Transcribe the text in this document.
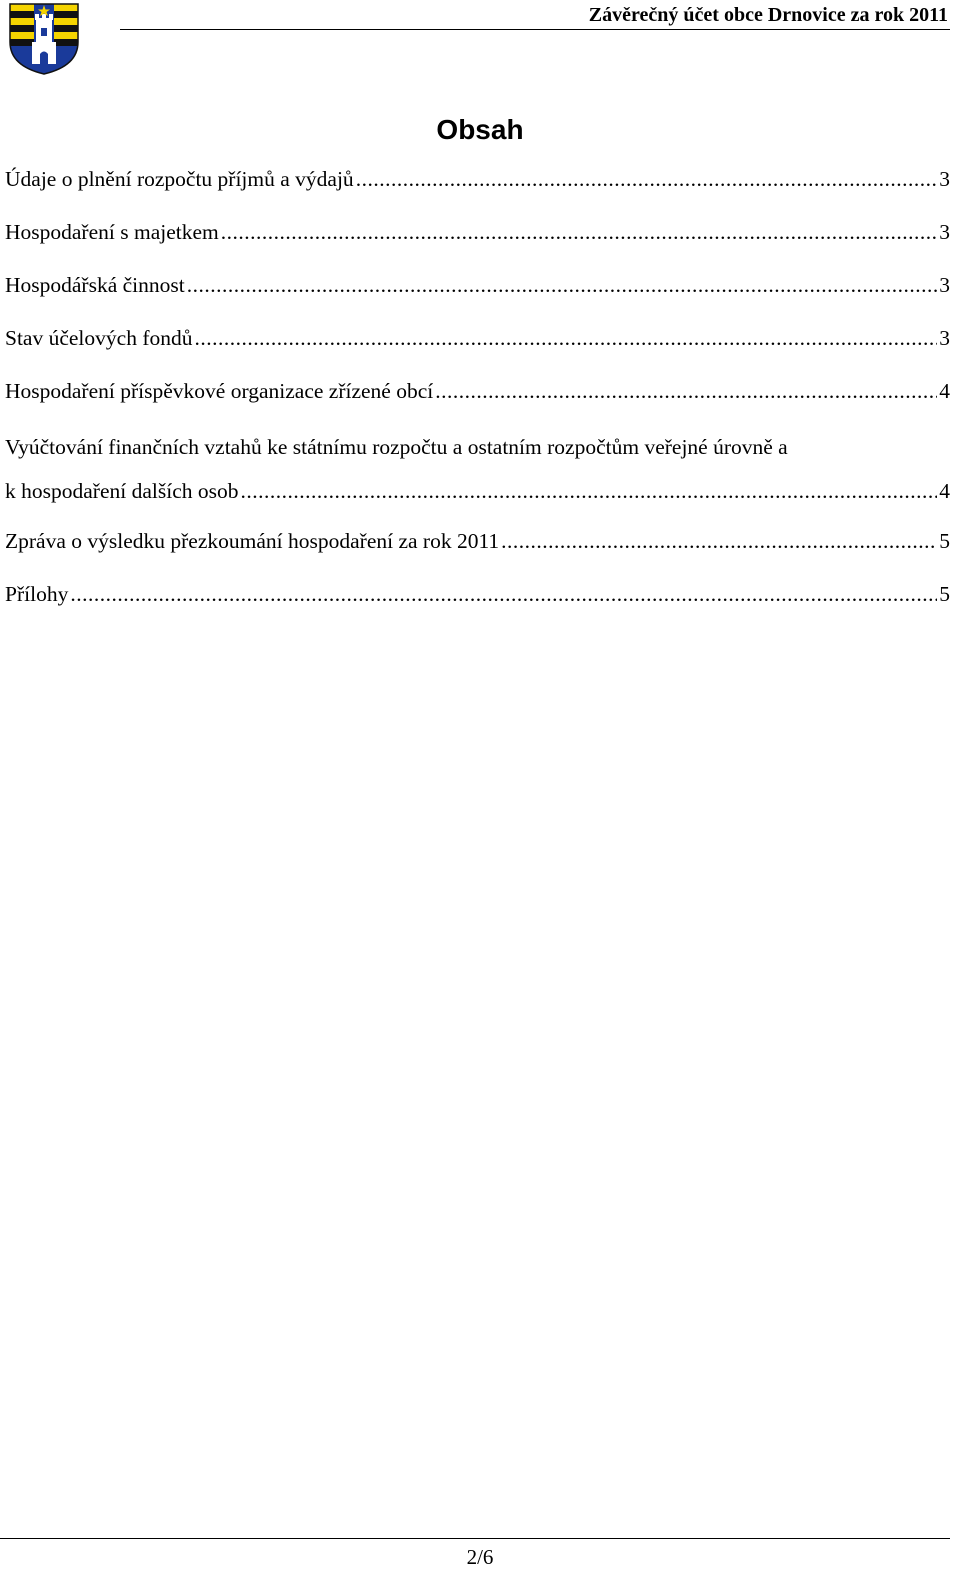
Závěrečný účet obce Drnovice za rok 2011
Obsah
Údaje o plnění rozpočtu příjmů a výdajů .....	3
Hospodaření s majetkem .....	3
Hospodářská činnost .....	3
Stav účelových fondů .....	3
Hospodaření příspěvkové organizace zřízené obcí .....	4
Vyúčtování finančních vztahů ke státnímu rozpočtu a ostatním rozpočtům veřejné úrovně a
k hospodaření dalších osob .....	4
Zpráva o výsledku přezkoumání hospodaření za rok 2011 .....	5
Přílohy .....	5
2/6
